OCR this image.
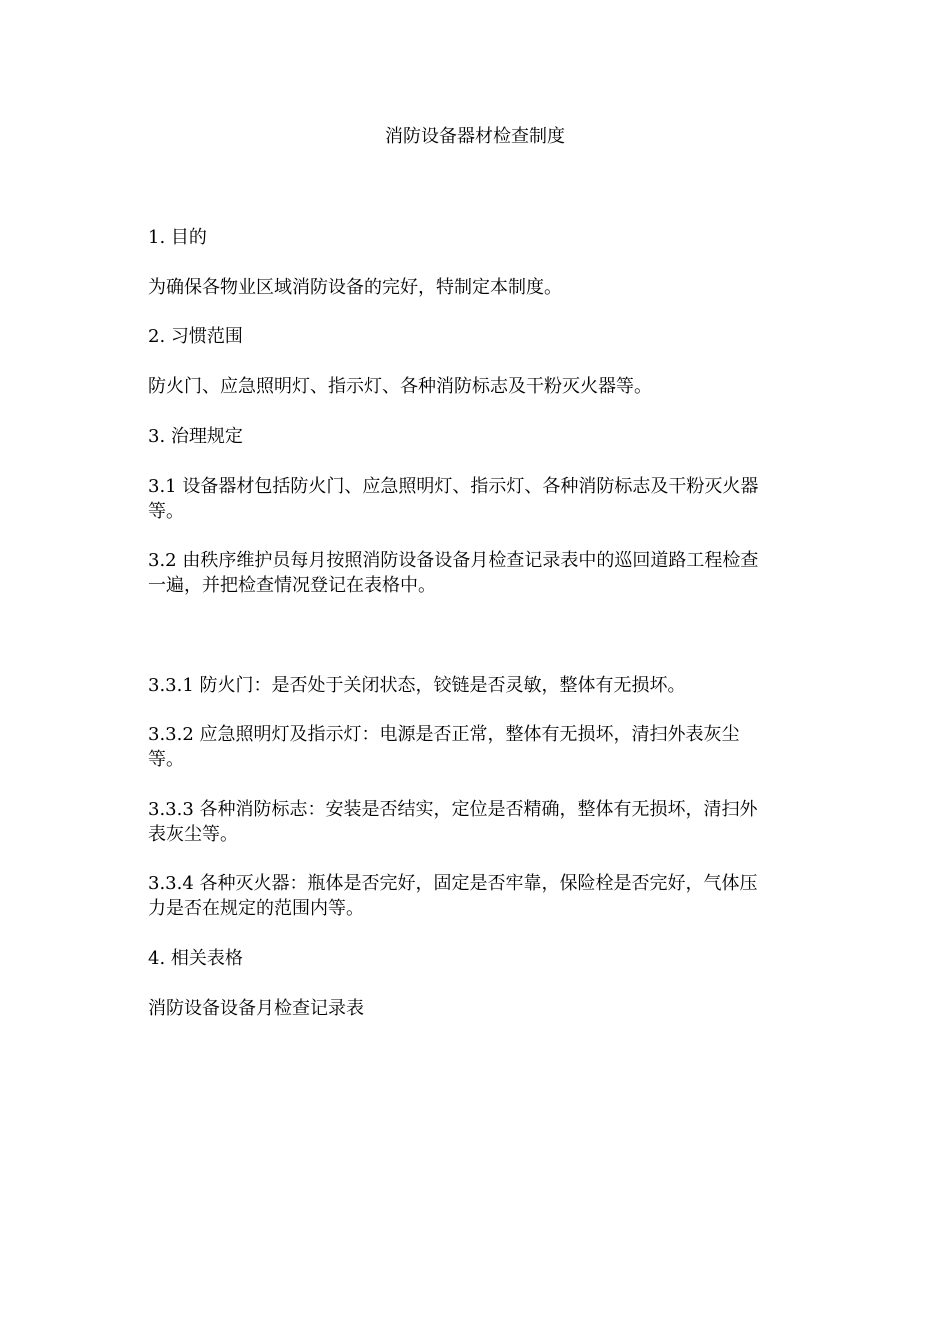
消防设备器材检查制度

1. 目的

为确保各物业区域消防设备的完好，特制定本制度。

2. 习惯范围

防火门、应急照明灯、指示灯、各种消防标志及干粉灭火器等。

3. 治理规定

3.1 设备器材包括防火门、应急照明灯、指示灯、各种消防标志及干粉灭火器
等。

3.2 由秩序维护员每月按照消防设备设备月检查记录表中的巡回道路工程检查
一遍，并把检查情况登记在表格中。

3.3.1 防火门：是否处于关闭状态，铰链是否灵敏，整体有无损坏。

3.3.2 应急照明灯及指示灯：电源是否正常，整体有无损坏，清扫外表灰尘
等。

3.3.3 各种消防标志：安装是否结实，定位是否精确，整体有无损坏，清扫外
表灰尘等。

3.3.4 各种灭火器：瓶体是否完好，固定是否牢靠，保险栓是否完好，气体压
力是否在规定的范围内等。

4. 相关表格

消防设备设备月检查记录表
